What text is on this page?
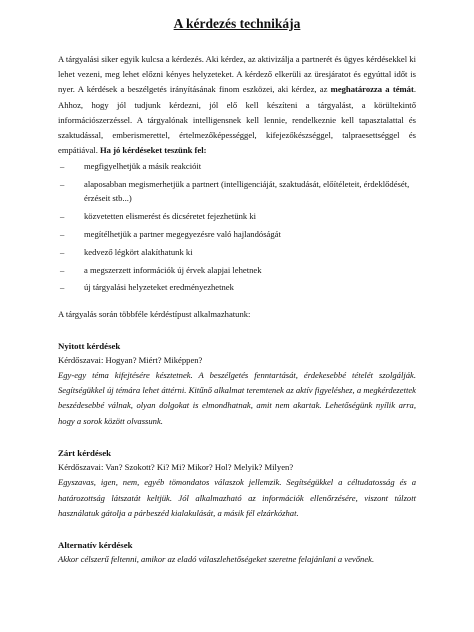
A kérdezés technikája
A tárgyalási siker egyik kulcsa a kérdezés. Aki kérdez, az aktivizálja a partnerét és ügyes kérdésekkel ki lehet vezeni, meg lehet előzni kényes helyzeteket. A kérdező elkerüli az üresjáratot és egyúttal időt is nyer. A kérdések a beszélgetés irányításának finom eszközei, aki kérdez, az meghatározza a témát. Ahhoz, hogy jól tudjunk kérdezni, jól elő kell készíteni a tárgyalást, a körültekintő információszerzéssel. A tárgyalónak intelligensnek kell lennie, rendelkeznie kell tapasztalattal és szaktudással, emberismerettel, értelmezőképességgel, kifejezőkészséggel, talpraesettséggel és empátiával. Ha jó kérdéseket teszünk fel:
– megfigyelhetjük a másik reakcióit
– alaposabban megismerhetjük a partnert (intelligenciáját, szaktudását, előítéleteit, érdeklődését, érzéseit stb...)
– közvetetten elismerést és dicséretet fejezhetünk ki
– megítélhetjük a partner megegyezésre való hajlandóságát
– kedvező légkört alakíthatunk ki
– a megszerzett információk új érvek alapjai lehetnek
– új tárgyalási helyzeteket eredményezhetnek
A tárgyalás során többféle kérdéstípust alkalmazhatunk:
Nyitott kérdések
Kérdőszavai: Hogyan? Miért? Miképpen?
Egy-egy téma kifejtésére késztetnek. A beszélgetés fenntartását, érdekesebbé tételét szolgálják. Segítségükkel új témára lehet áttérni. Kitűnő alkalmat teremtenek az aktív figyeléshez, a megkérdezettek beszédesebbé válnak, olyan dolgokat is elmondhatnak, amit nem akartak. Lehetőségünk nyílik arra, hogy a sorok között olvassunk.
Zárt kérdések
Kérdőszavai: Van? Szokott? Ki? Mi? Mikor? Hol? Melyik? Milyen?
Egyszavas, igen, nem, egyéb tömondatos válaszok jellemzik. Segítségükkel a céltudatosság és a határozottság látszatát keltjük. Jól alkalmazható az információk ellenőrzésére, viszont túlzott használatuk gátolja a párbeszéd kialakulását, a másik fél elzárkózhat.
Alternatív kérdések
Akkor célszerű feltenni, amikor az eladó válaszlehetőségeket szeretne felajánlani a vevőnek.
